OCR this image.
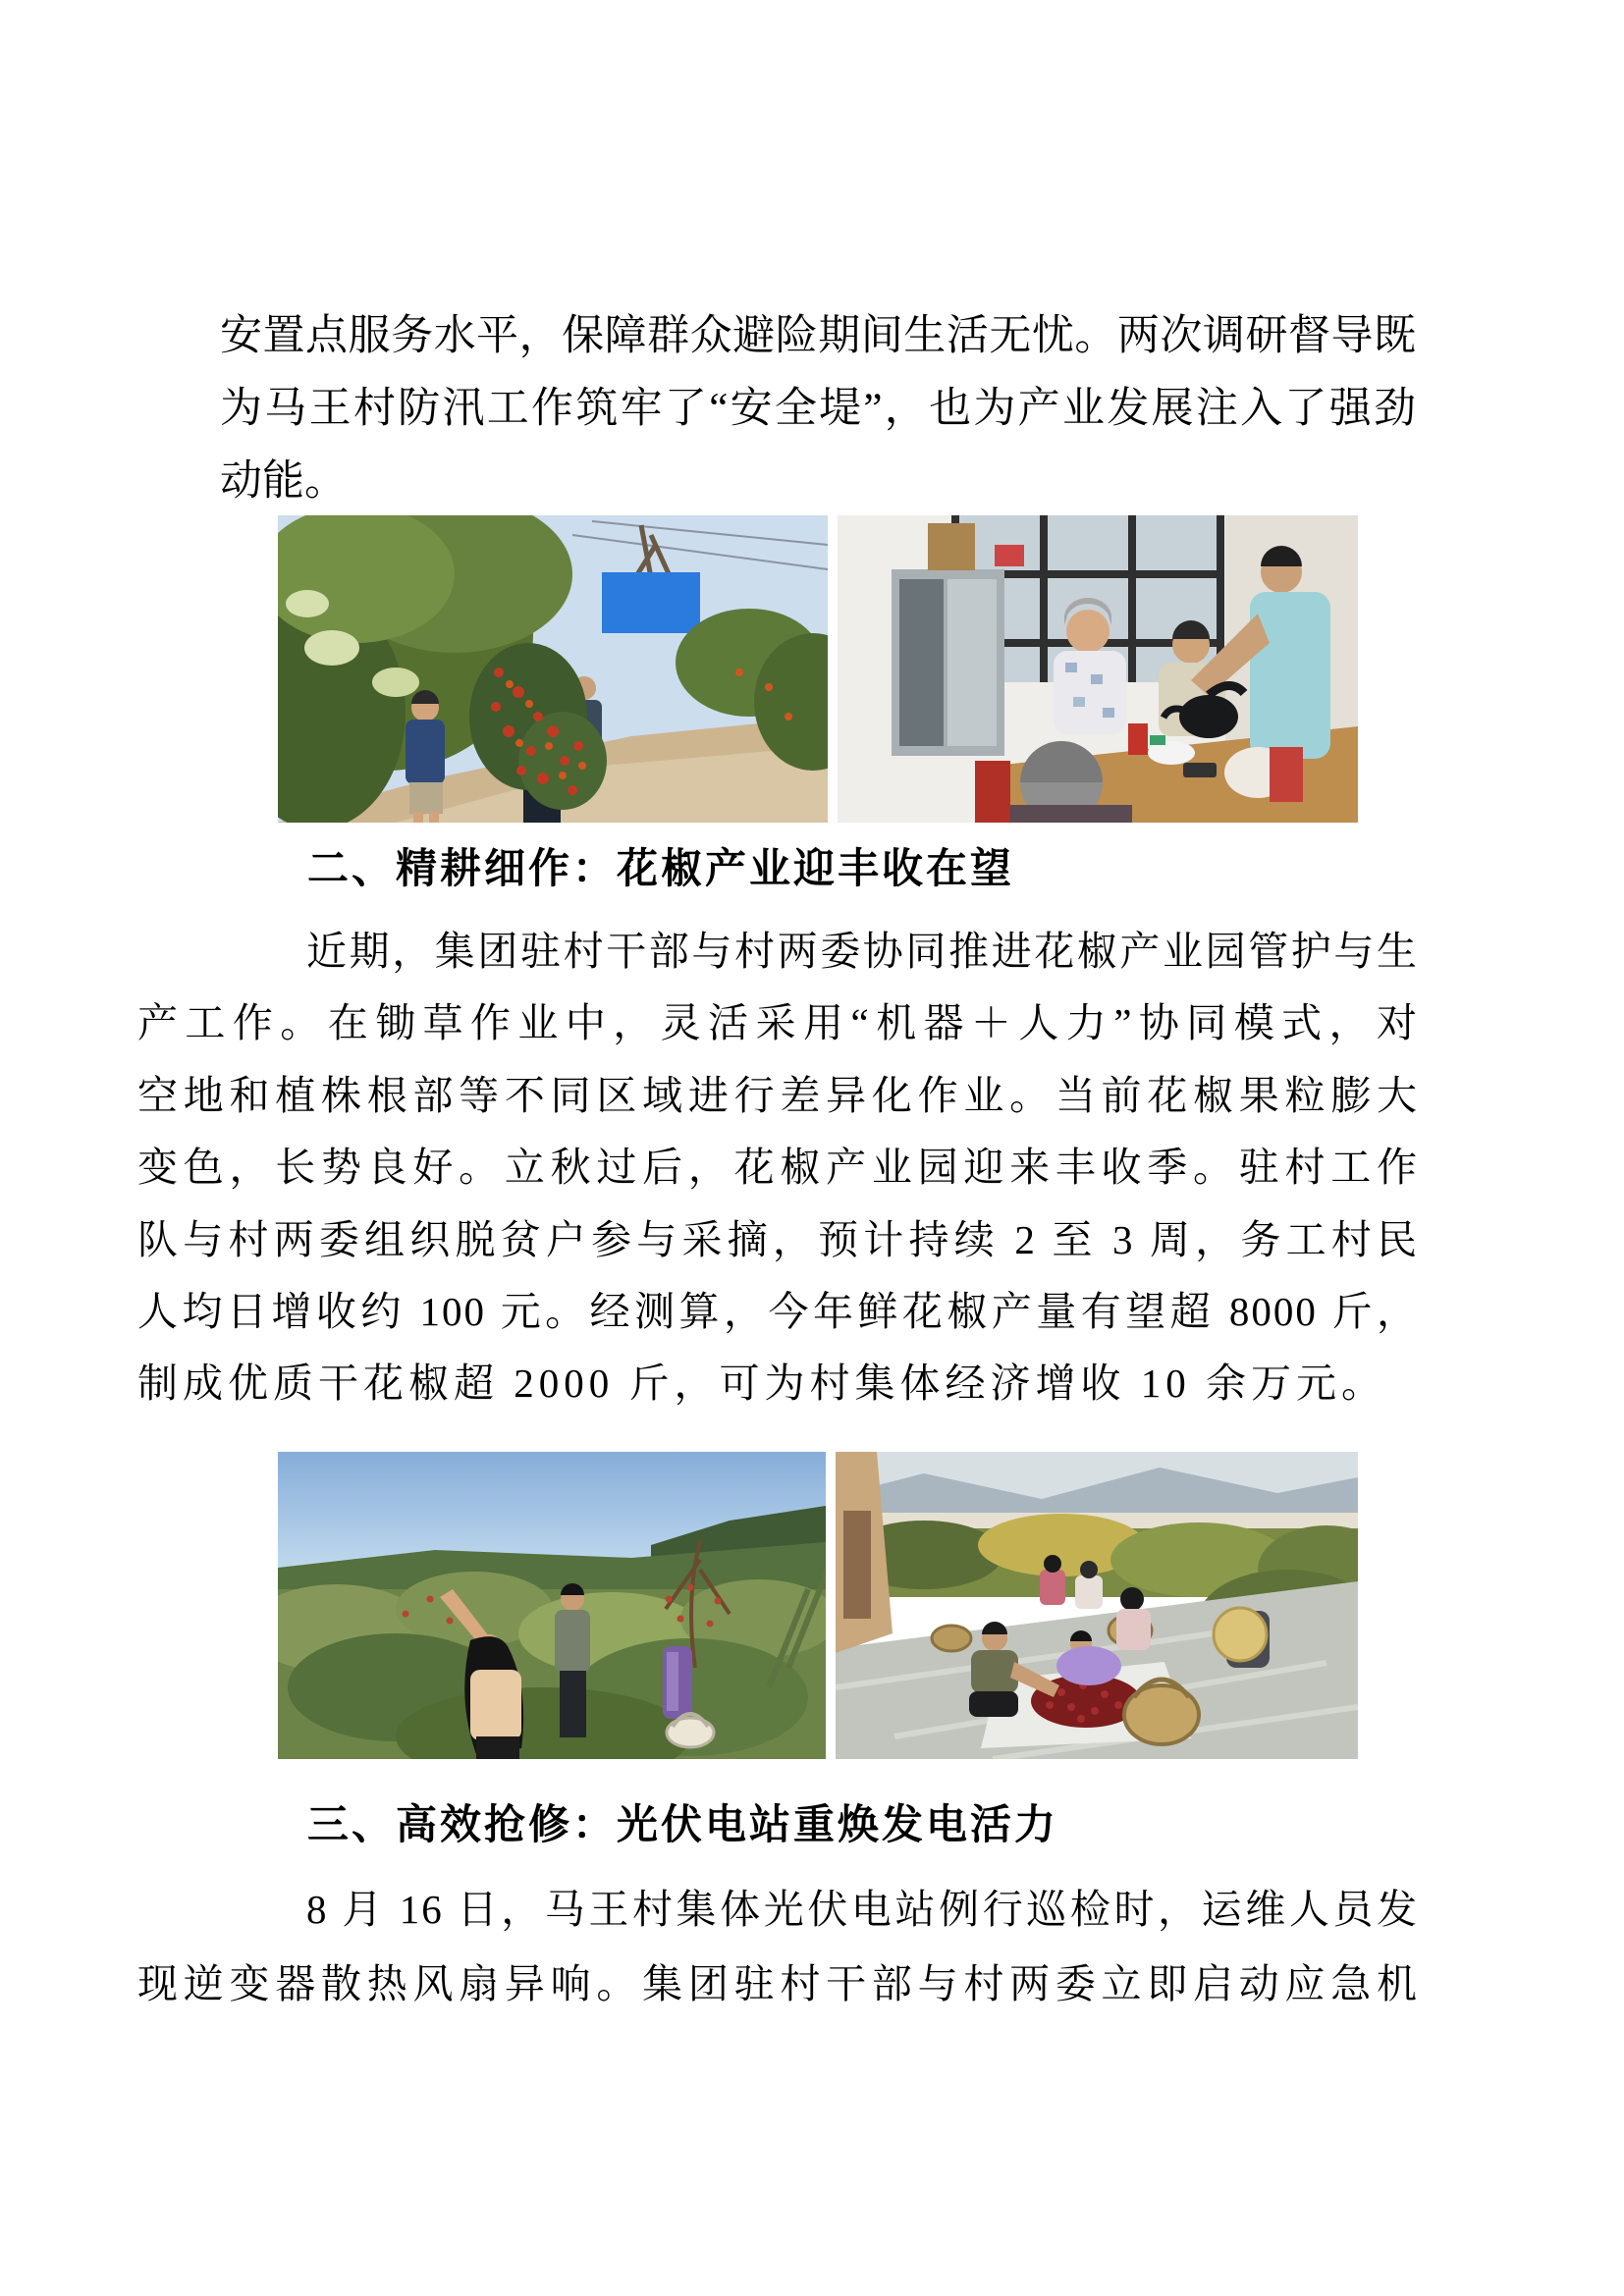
安置点服务水平，保障群众避险期间生活无忧。两次调研督导既
为马王村防汛工作筑牢了“安全堤”，也为产业发展注入了强劲
动能。
二、精耕细作：花椒产业迎丰收在望
近期，集团驻村干部与村两委协同推进花椒产业园管护与生
产工作。在锄草作业中，灵活采用“机器＋人力”协同模式，对
空地和植株根部等不同区域进行差异化作业。当前花椒果粒膨大
变色，长势良好。立秋过后，花椒产业园迎来丰收季。驻村工作
队与村两委组织脱贫户参与采摘，预计持续 2 至 3 周，务工村民
人均日增收约 100 元。经测算，今年鲜花椒产量有望超 8000 斤，
制成优质干花椒超 2000 斤，可为村集体经济增收 10 余万元。
三、高效抢修：光伏电站重焕发电活力
8 月 16 日，马王村集体光伏电站例行巡检时，运维人员发
现逆变器散热风扇异响。集团驻村干部与村两委立即启动应急机
